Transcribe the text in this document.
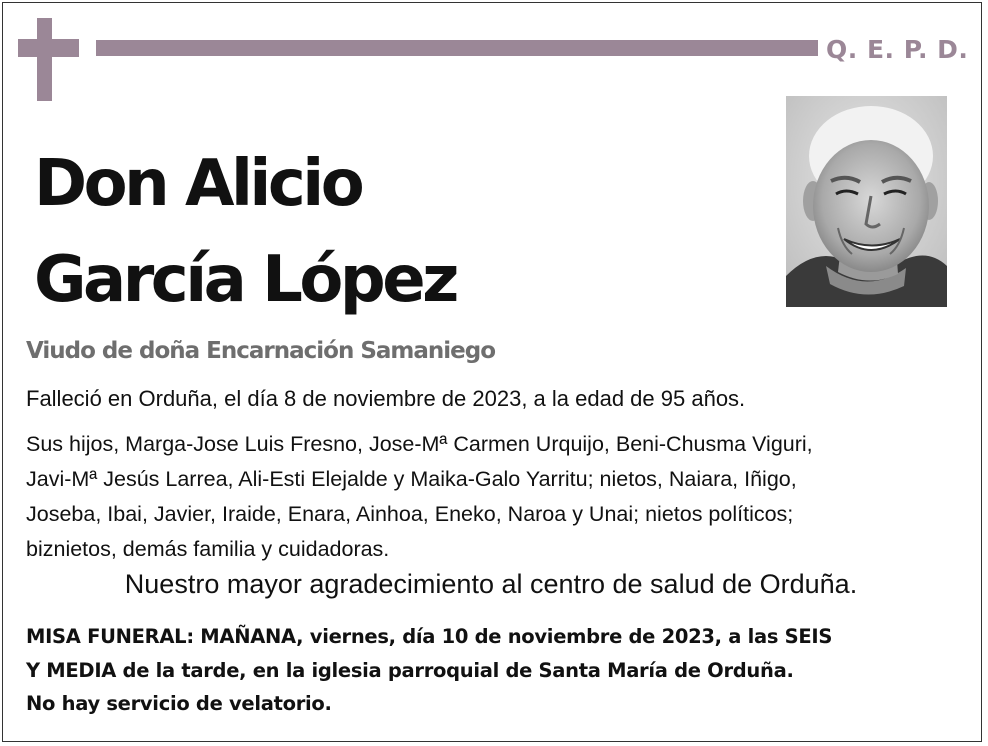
Q. E. P. D.
Don Alicio
García López
Viudo de doña Encarnación Samaniego
Falleció en Orduña, el día 8 de noviembre de 2023, a la edad de 95 años.
Sus hijos, Marga-Jose Luis Fresno, Jose-Mª Carmen Urquijo, Beni-Chusma Viguri,
Javi-Mª Jesús Larrea, Ali-Esti Elejalde y Maika-Galo Yarritu; nietos, Naiara, Iñigo,
Joseba, Ibai, Javier, Iraide, Enara, Ainhoa, Eneko, Naroa y Unai; nietos políticos;
biznietos, demás familia y cuidadoras.
Nuestro mayor agradecimiento al centro de salud de Orduña.
MISA FUNERAL: MAÑANA, viernes, día 10 de noviembre de 2023, a las SEIS
Y MEDIA de la tarde, en la iglesia parroquial de Santa María de Orduña.
No hay servicio de velatorio.
